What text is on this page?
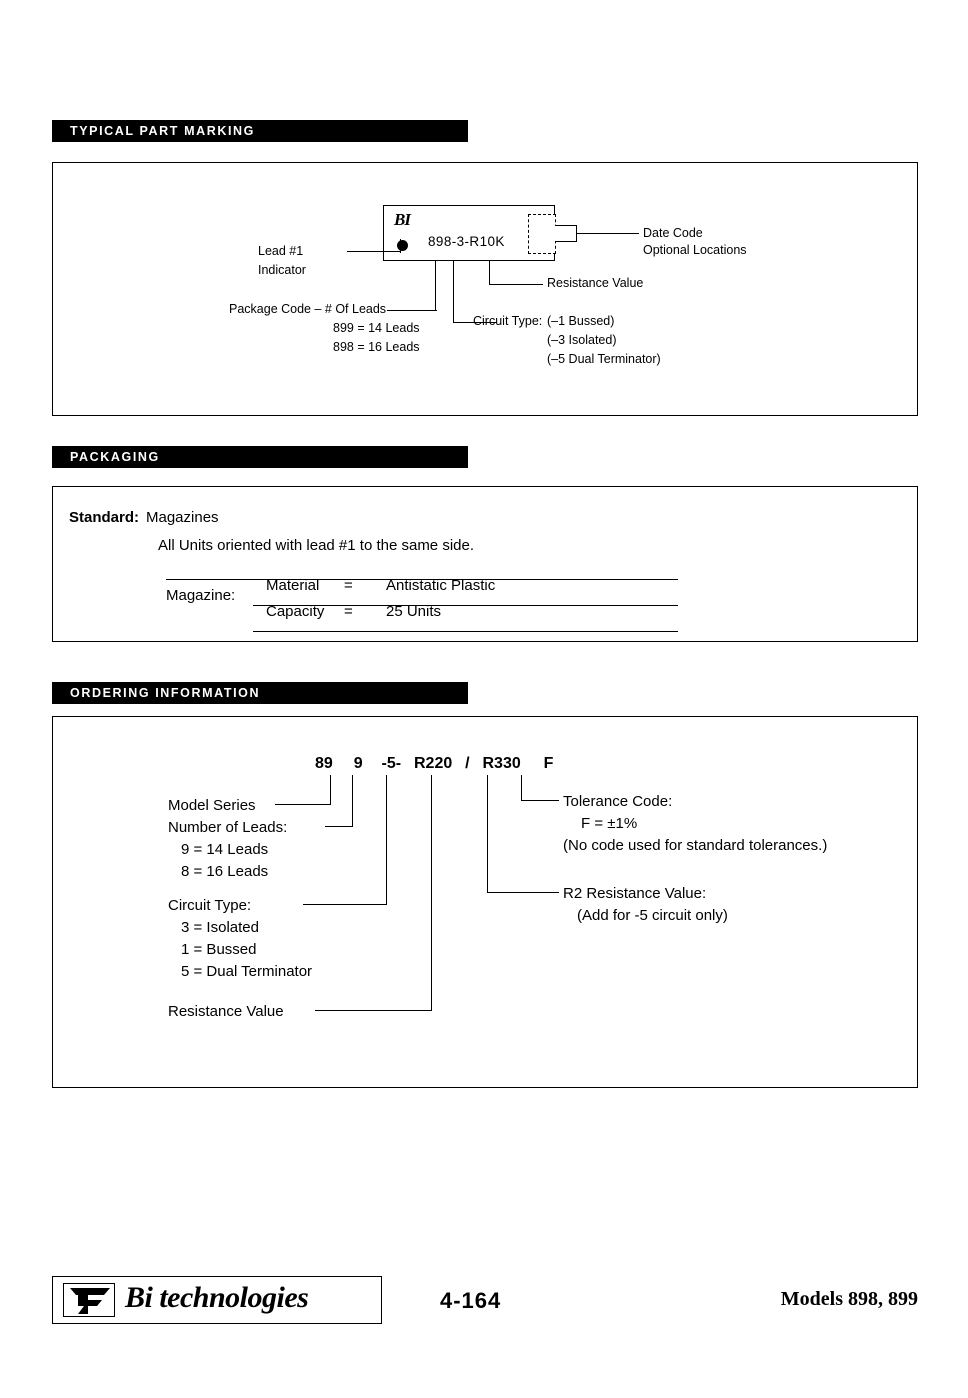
TYPICAL PART MARKING
BI
898-3-R10K
Date Code
Optional Locations
Resistance Value
Circuit Type: (–1 Bussed)
(–3 Isolated)
(–5 Dual Terminator)
Package Code – # Of Leads
899 = 14 Leads
898 = 16 Leads
Lead #1
Indicator
PACKAGING
Standard: Magazines
All Units oriented with lead #1 to the same side.
Magazine:
Material	=	Antistatic Plastic
Capacity	=	25 Units
ORDERING INFORMATION
89 9 -5- R220 / R330 F
Model Series
Number of Leads:
9 = 14 Leads
8 = 16 Leads
Circuit Type:
3 = Isolated
1 = Bussed
5 = Dual Terminator
Resistance Value
Tolerance Code:
F = ±1%
(No code used for standard tolerances.)
R2 Resistance Value:
(Add for -5 circuit only)
Bi technologies	4-164	Models 898, 899
